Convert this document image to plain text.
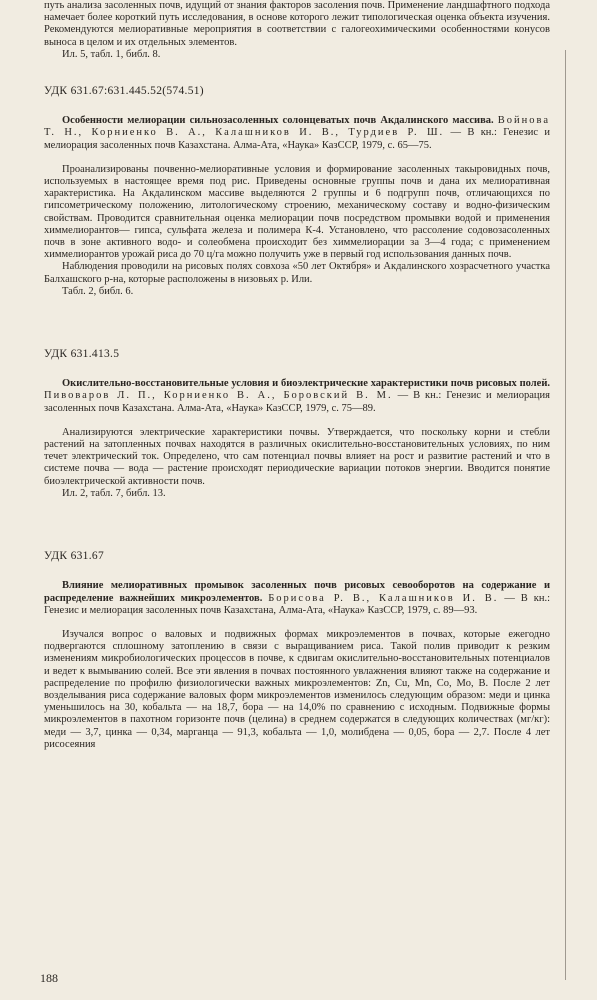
путь анализа засоленных почв, идущий от знания факторов засоления почв. Применение ландшафтного подхода намечает более короткий путь исследования, в основе которого лежит типологическая оценка объекта изучения. Рекомендуются мелиоративные мероприятия в соответствии с галогеохимическими особенностями конусов выноса в целом и их отдельных элементов.

Ил. 5, табл. 1, библ. 8.

УДК 631.67:631.445.52(574.51)

Особенности мелиорации сильнозасоленных солонцеватых почв Акдалинского массива. Войнова Т. Н., Корниенко В. А., Калашников И. В., Турдиев Р. Ш. — В кн.: Генезис и мелиорация засоленных почв Казахстана. Алма-Ата, «Наука» КазССР, 1979, с. 65—75.

Проанализированы почвенно-мелиоративные условия и формирование засоленных такыровидных почв, используемых в настоящее время под рис. Приведены основные группы почв и дана их мелиоративная характеристика. На Акдалинском массиве выделяются 2 группы и 6 подгрупп почв, отличающихся по гипсометрическому положению, литологическому строению, механическому составу и водно-физическим свойствам. Проводится сравнительная оценка мелиорации почв посредством промывки водой и применения химмелиорантов— гипса, сульфата железа и полимера К-4. Установлено, что рассоление содовозасоленных почв в зоне активного водо- и солеобмена происходит без химмелиорации за 3—4 года; с применением химмелиорантов урожай риса до 70 ц/га можно получить уже в первый год использования данных почв.

Наблюдения проводили на рисовых полях совхоза «50 лет Октября» и Акдалинского хозрасчетного участка Балхашского р-на, которые расположены в низовьях р. Или.

Табл. 2, библ. 6.

УДК 631.413.5

Окислительно-восстановительные условия и биоэлектрические характеристики почв рисовых полей. Пивоваров Л. П., Корниенко В. А., Боровский В. М. — В кн.: Генезис и мелиорация засоленных почв Казахстана. Алма-Ата, «Наука» КазССР, 1979, с. 75—89.

Анализируются электрические характеристики почвы. Утверждается, что поскольку корни и стебли растений на затопленных почвах находятся в различных окислительно-восстановительных условиях, по ним течет электрический ток. Определено, что сам потенциал почвы влияет на рост и развитие растений и что в системе почва — вода — растение происходят периодические вариации потоков энергии. Вводится понятие биоэлектрической активности почв.

Ил. 2, табл. 7, библ. 13.

УДК 631.67

Влияние мелиоративных промывок засоленных почв рисовых севооборотов на содержание и распределение важнейших микроэлементов. Борисова Р. В., Калашников И. В. — В кн.: Генезис и мелиорация засоленных почв Казахстана, Алма-Ата, «Наука» КазССР, 1979, с. 89—93.

Изучался вопрос о валовых и подвижных формах микроэлементов в почвах, которые ежегодно подвергаются сплошному затоплению в связи с выращиванием риса. Такой полив приводит к резким изменениям микробиологических процессов в почве, к сдвигам окислительно-восстановительных потенциалов и ведет к вымыванию солей. Все эти явления в почвах постоянного увлажнения влияют также на содержание и распределение по профилю физиологически важных микроэлементов: Zn, Cu, Mn, Co, Mo, B. После 2 лет возделывания риса содержание валовых форм микроэлементов изменилось следующим образом: меди и цинка уменьшилось на 30, кобальта — на 18,7, бора — на 14,0% по сравнению с исходным. Подвижные формы микроэлементов в пахотном горизонте почв (целина) в среднем содержатся в следующих количествах (мг/кг): меди — 3,7, цинка — 0,34, марганца — 91,3, кобальта — 1,0, молибдена — 0,05, бора — 2,7. После 4 лет рисосеяния

188
